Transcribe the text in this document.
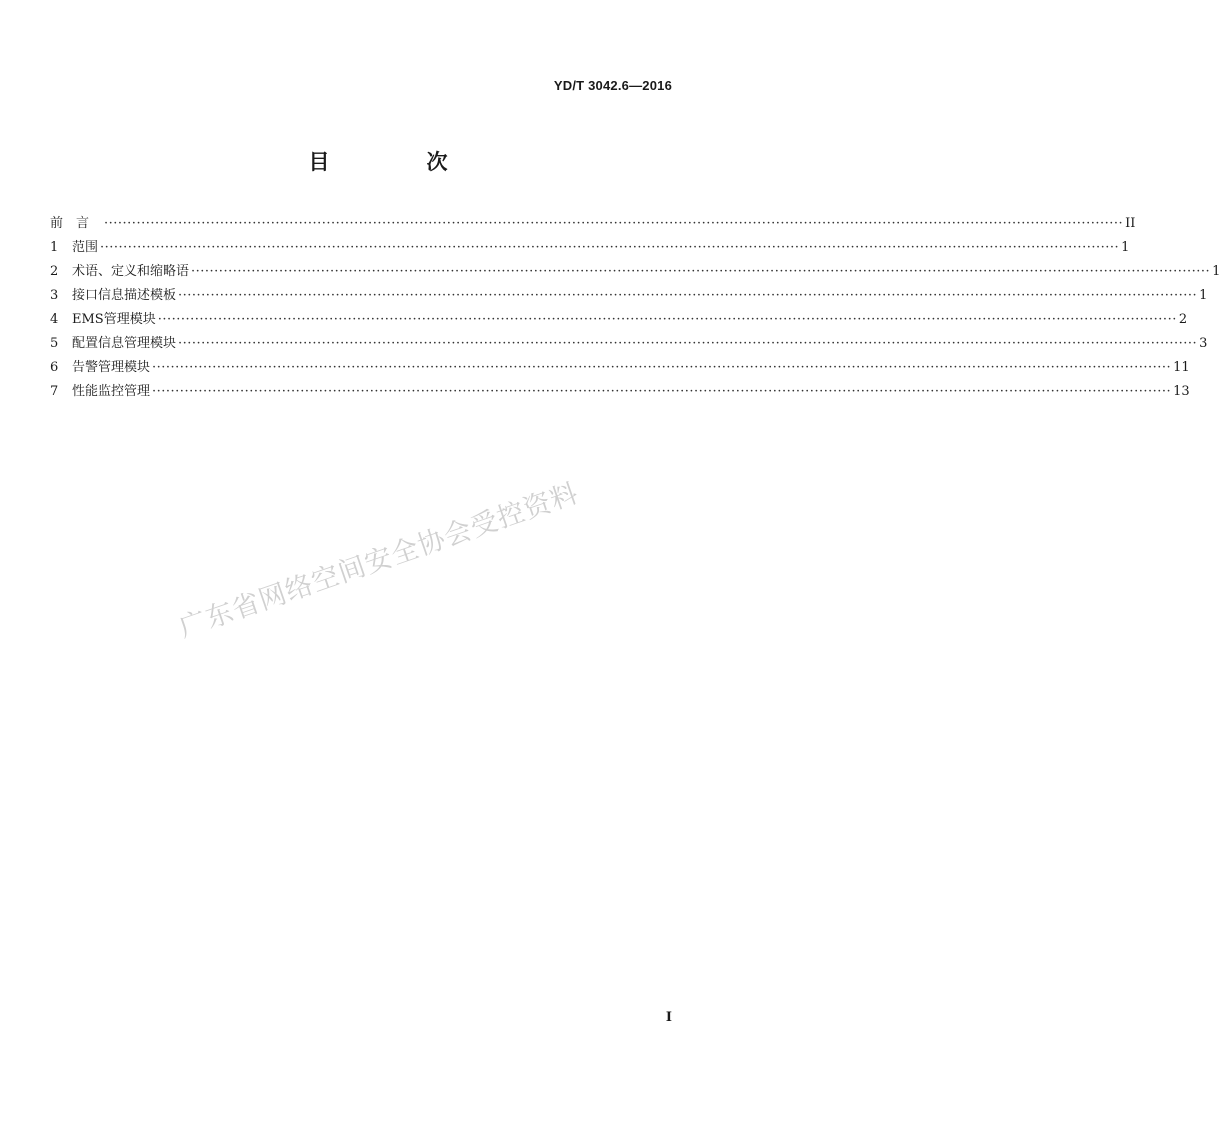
YD/T 3042.6—2016
目　次
前言 ···························································································································································································································· II
1	范围 ···························································································································································································································· 1
2	术语、定义和缩略语 ···························································································································································································································· 1
3	接口信息描述模板 ···························································································································································································································· 1
4	EMS管理模块 ···························································································································································································································· 2
5	配置信息管理模块 ···························································································································································································································· 3
6	告警管理模块 ···························································································································································································································· 11
7	性能监控管理 ···························································································································································································································· 13
广东省网络空间安全协会受控资料
I
